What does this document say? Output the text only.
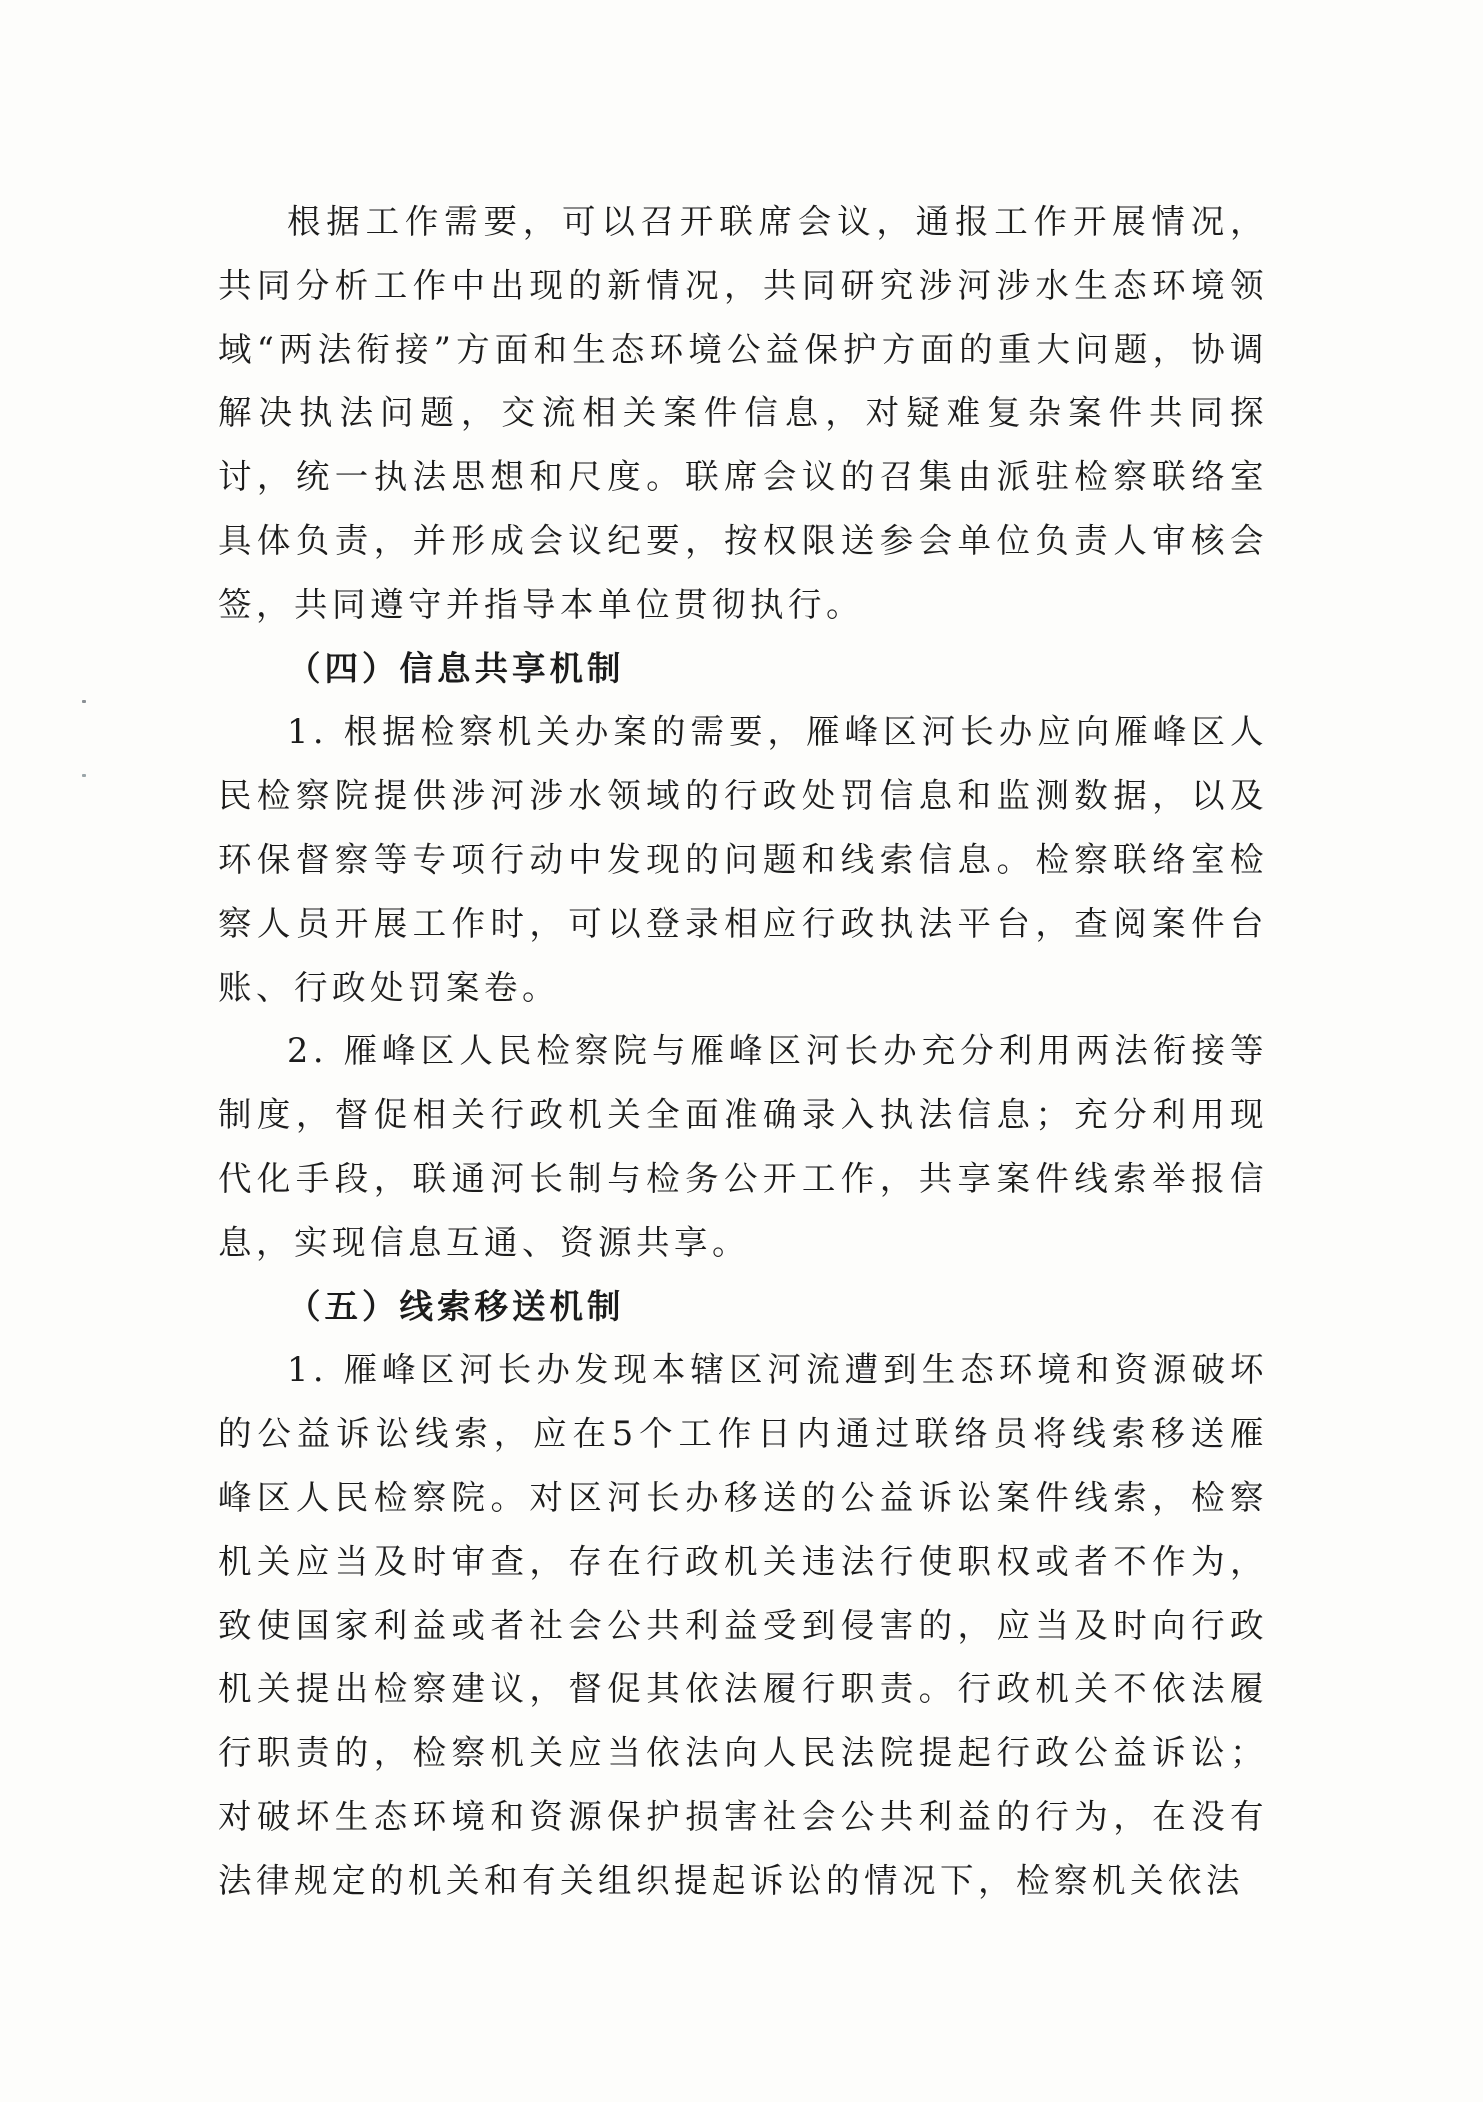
根据工作需要，可以召开联席会议，通报工作开展情况，共同分析工作中出现的新情况，共同研究涉河涉水生态环境领域“两法衔接”方面和生态环境公益保护方面的重大问题，协调解决执法问题，交流相关案件信息，对疑难复杂案件共同探讨，统一执法思想和尺度。联席会议的召集由派驻检察联络室具体负责，并形成会议纪要，按权限送参会单位负责人审核会签，共同遵守并指导本单位贯彻执行。

（四）信息共享机制

1. 根据检察机关办案的需要，雁峰区河长办应向雁峰区人民检察院提供涉河涉水领域的行政处罚信息和监测数据，以及环保督察等专项行动中发现的问题和线索信息。检察联络室检察人员开展工作时，可以登录相应行政执法平台，查阅案件台账、行政处罚案卷。

2. 雁峰区人民检察院与雁峰区河长办充分利用两法衔接等制度，督促相关行政机关全面准确录入执法信息；充分利用现代化手段，联通河长制与检务公开工作，共享案件线索举报信息，实现信息互通、资源共享。

（五）线索移送机制

1. 雁峰区河长办发现本辖区河流遭到生态环境和资源破坏的公益诉讼线索，应在5个工作日内通过联络员将线索移送雁峰区人民检察院。对区河长办移送的公益诉讼案件线索，检察机关应当及时审查，存在行政机关违法行使职权或者不作为，致使国家利益或者社会公共利益受到侵害的，应当及时向行政机关提出检察建议，督促其依法履行职责。行政机关不依法履行职责的，检察机关应当依法向人民法院提起行政公益诉讼；对破坏生态环境和资源保护损害社会公共利益的行为，在没有法律规定的机关和有关组织提起诉讼的情况下，检察机关依法
